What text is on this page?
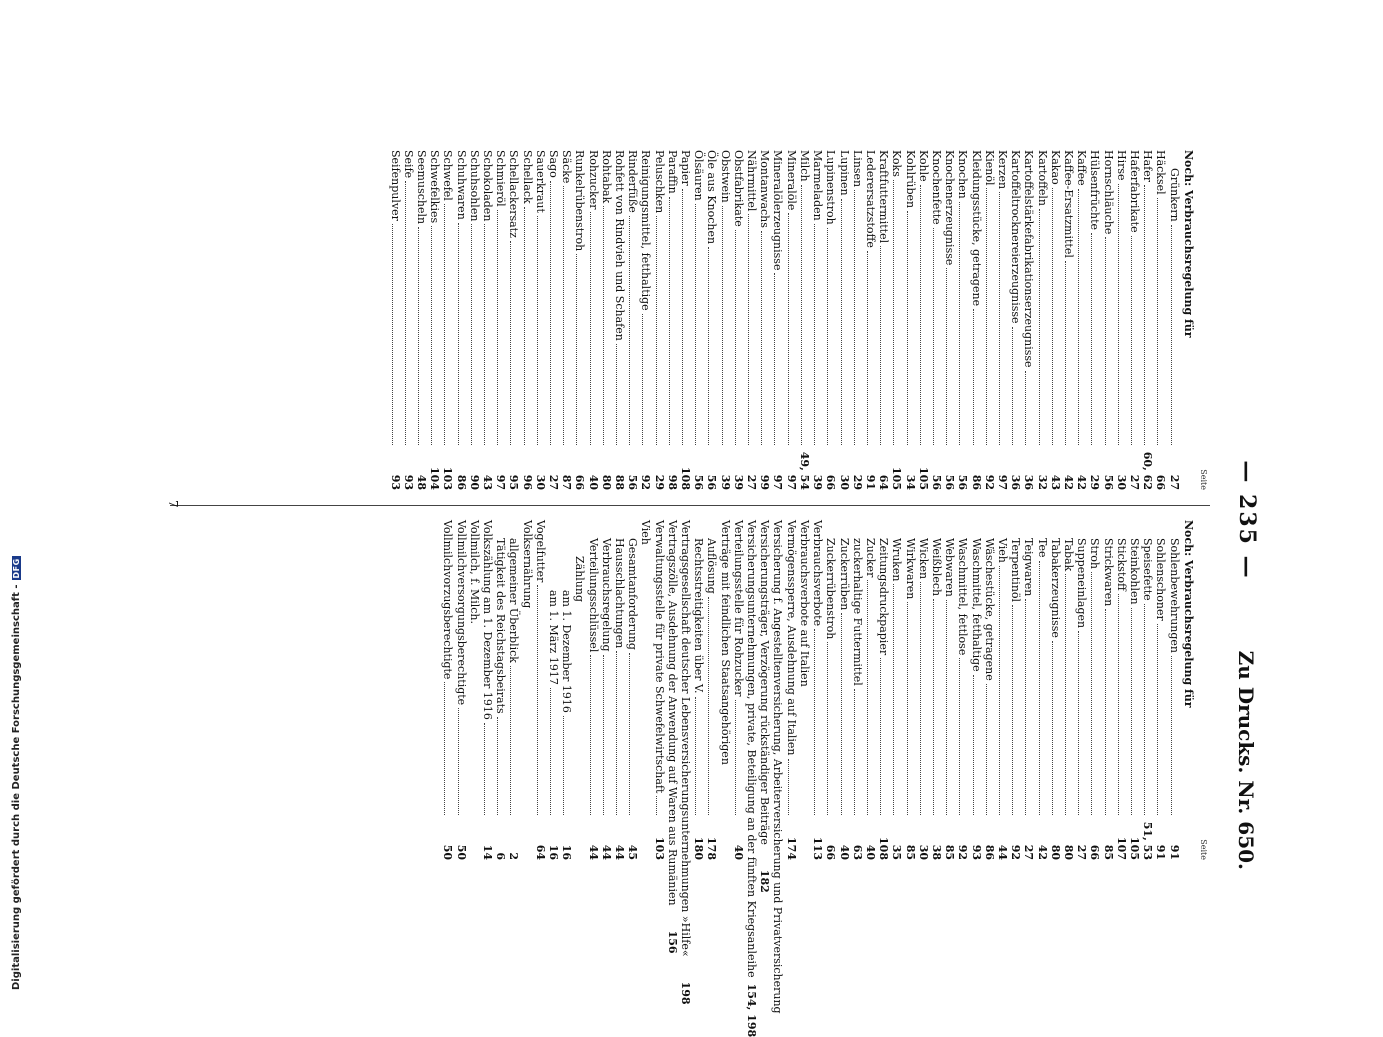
Digitalisierung gefördert durch die Deutsche Forschungsgemeinschaft -
DFG	— 235 —
Zu Drucks. Nr. 650.
Seite
Noch: Verbrauchsregelung für
Grünkern
27
Häcksel
66
Hafer
60, 62
Haferfabrikate
27
Hirse
30
Hornschläuche
56
Hülsenfrüchte
29
Kaffee
42
Kaffee-Ersatzmittel
42
Kakao
43
Kartoffeln
32
Kartoffelstärkefabrikationserzeugnisse
36
Kartoffeltrocknereierzeugnisse
36
Kerzen
97
Kienöl
92
Kleidungsstücke, getragene
86
Knochen
56
Knochenerzeugnisse
56
Knochenfette
56
Kohle
105
Kohlrüben
34
Koks
105
Kraftfuttermittel
64
Lederersatzstoffe
91
Linsen
29
Lupinen
30
Lupinenstroh
66
Marmeladen
39
Milch
49, 54
Mineralöle
97
Mineralölerzeugnisse
97
Montanwachs
99
Nährmittel
27
Obstfabrikate
39
Obstwein
39
Öle aus Knochen
56
Ölsäuren
56
Papier
108
Paraffin
98
Peluschken
29
Reinigungsmittel, fetthaltige
92
Rinderfüße
56
Rohfett von Rindvieh und Schafen
88
Rohtabak
80
Rohzucker
40
Runkelrübenstroh
66
Säcke
87
Sago
27
Sauerkraut
30
Schellack
96
Schellackersatz
95
Schmieröl
97
Schokoladen
43
Schuhsohlen
90
Schuhwaren
86
Schwefel
103
Schwefelkies
104
Seemuscheln
48
Seife
93
Seifenpulver
93
Seite
Noch: Verbrauchsregelung für
Sohlenbewehrungen
91
Sohlenschoner
91
Speisefette
51, 53
Steinkohlen
105
Stickstoff
107
Strickwaren
85
Stroh
66
Suppeneinlagen
27
Tabak
80
Tabakerzeugnisse
80
Tee
42
Teigwaren
27
Terpentinöl
92
Vieh
44
Wäschestücke, getragene
86
Waschmittel, fetthaltige
93
Waschmittel, fettlose
92
Webwaren
85
Weißblech
38
Wicken
30
Wirkwaren
85
Wruken
35
Zeitungsdruckpapier
108
Zucker
40
zuckerhaltige Futtermittel
63
Zuckerrüben
40
Zuckerrübenstroh
66
Verbrauchsverbote
113
Verbrauchsverbote auf Italien
Vermögenssperre, Ausdehnung auf Italien
174
Versicherung f. Angestelltenversicherung, Arbeiterversicherung und Privatversicherung
Versicherungsträger, Verzögerung rückständiger Beiträge
182
Versicherungsunternehmungen, private, Beteiligung an der fünften Kriegsanleihe
154, 198
Verteilungsstelle für Rohzucker
40
Verträge mit feindlichen Staatsangehörigen
Auflösung
178
Rechtsstreitigkeiten über V.
180
Vertragsgesellschaft deutscher Lebensversicherungsunternehmungen »Hilfe«
198
Vertragszölle, Ausdehnung der Anwendung auf Waren aus Rumänien
156
Verwaltungsstelle für private Schwefelwirtschaft
103
Vieh
Gesamtanforderung
45
Hausschlachtungen
44
Verbrauchsregelung
44
Verteilungsschlüssel
44
Zählung
am 1. Dezember 1916
16
am 1. März 1917
16
Vogelfutter
64
Volksernährung
allgemeiner Überblick
2
Tätigkeit des Reichstagsbeirats
6
Volkszählung am 1. Dezember 1916
14
Vollmilch, f. Milch.
Vollmilchversorgungsberechtigte
50
Vollmilchvorzugsberechtigte
50
7
